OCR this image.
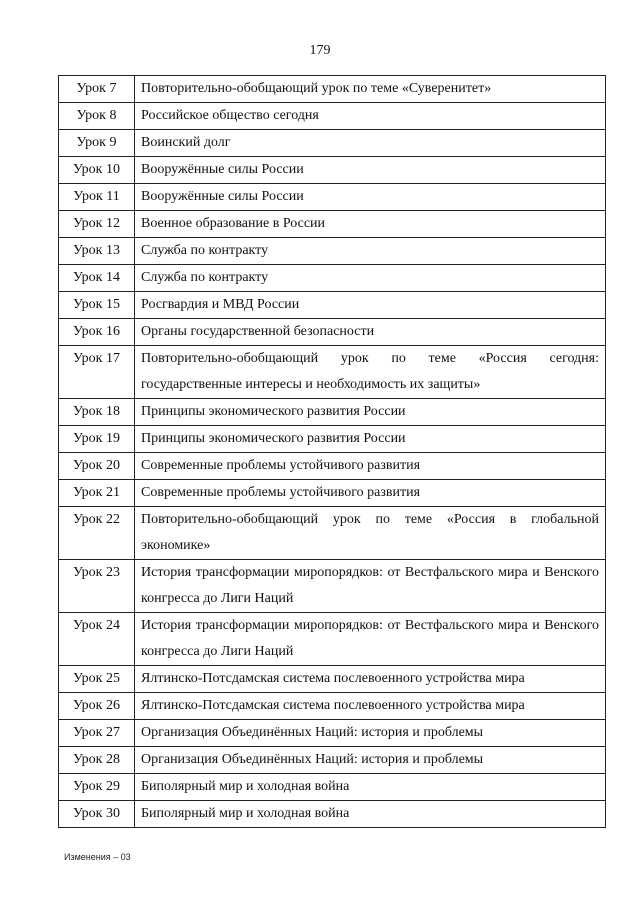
179
Урок 7	Повторительно-обобщающий урок по теме «Суверенитет»
Урок 8	Российское общество сегодня
Урок 9	Воинский долг
Урок 10	Вооружённые силы России
Урок 11	Вооружённые силы России
Урок 12	Военное образование в России
Урок 13	Служба по контракту
Урок 14	Служба по контракту
Урок 15	Росгвардия и МВД России
Урок 16	Органы государственной безопасности
Урок 17	Повторительно-обобщающий урок по теме «Россия сегодня: государственные интересы и необходимость их защиты»
Урок 18	Принципы экономического развития России
Урок 19	Принципы экономического развития России
Урок 20	Современные проблемы устойчивого развития
Урок 21	Современные проблемы устойчивого развития
Урок 22	Повторительно-обобщающий урок по теме «Россия в глобальной экономике»
Урок 23	История трансформации миропорядков: от Вестфальского мира и Венского конгресса до Лиги Наций
Урок 24	История трансформации миропорядков: от Вестфальского мира и Венского конгресса до Лиги Наций
Урок 25	Ялтинско-Потсдамская система послевоенного устройства мира
Урок 26	Ялтинско-Потсдамская система послевоенного устройства мира
Урок 27	Организация Объединённых Наций: история и проблемы
Урок 28	Организация Объединённых Наций: история и проблемы
Урок 29	Биполярный мир и холодная война
Урок 30	Биполярный мир и холодная война
Изменения – 03
